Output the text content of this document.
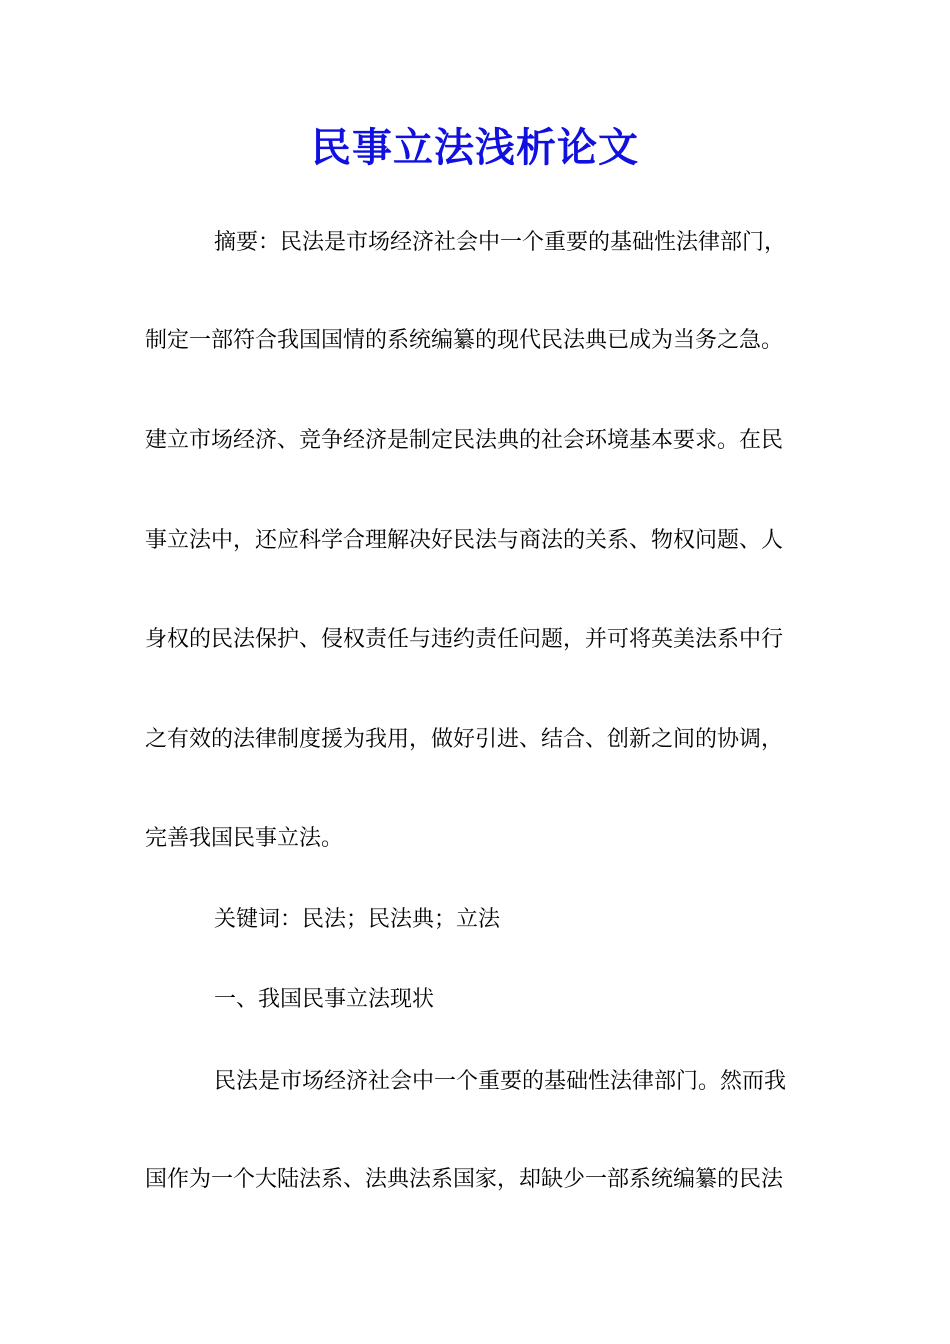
民事立法浅析论文
摘要：民法是市场经济社会中一个重要的基础性法律部门，
制定一部符合我国国情的系统编纂的现代民法典已成为当务之急。
建立市场经济、竞争经济是制定民法典的社会环境基本要求。在民
事立法中，还应科学合理解决好民法与商法的关系、物权问题、人
身权的民法保护、侵权责任与违约责任问题，并可将英美法系中行
之有效的法律制度援为我用，做好引进、结合、创新之间的协调，
完善我国民事立法。
关键词：民法；民法典；立法
一、我国民事立法现状
民法是市场经济社会中一个重要的基础性法律部门。然而我
国作为一个大陆法系、法典法系国家，却缺少一部系统编纂的民法
